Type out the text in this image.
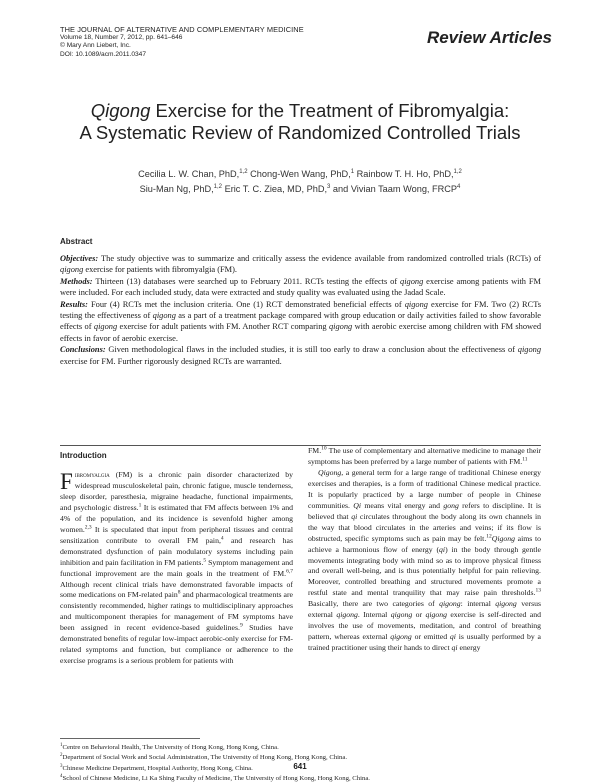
THE JOURNAL OF ALTERNATIVE AND COMPLEMENTARY MEDICINE
Volume 18, Number 7, 2012, pp. 641–646
© Mary Ann Liebert, Inc.
DOI: 10.1089/acm.2011.0347
Review Articles
Qigong Exercise for the Treatment of Fibromyalgia:
A Systematic Review of Randomized Controlled Trials
Cecilia L. W. Chan, PhD,$^{1,2}$ Chong-Wen Wang, PhD,$^1$ Rainbow T. H. Ho, PhD,$^{1,2}$
Siu-Man Ng, PhD,$^{1,2}$ Eric T. C. Ziea, MD, PhD,$^3$ and Vivian Taam Wong, FRCP$^4$
Abstract

Objectives: The study objective was to summarize and critically assess the evidence available from randomized controlled trials (RCTs) of qigong exercise for patients with fibromyalgia (FM).

Methods: Thirteen (13) databases were searched up to February 2011. RCTs testing the effects of qigong exercise among patients with FM were included. For each included study, data were extracted and study quality was evaluated using the Jadad Scale.

Results: Four (4) RCTs met the inclusion criteria. One (1) RCT demonstrated beneficial effects of qigong exercise for FM. Two (2) RCTs testing the effectiveness of qigong as a part of a treatment package compared with group education or daily activities failed to show favorable effects of qigong exercise for adult patients with FM. Another RCT comparing qigong with aerobic exercise among children with FM showed effects in favor of aerobic exercise.

Conclusions: Given methodological flaws in the included studies, it is still too early to draw a conclusion about the effectiveness of qigong exercise for FM. Further rigorously designed RCTs are warranted.

Introduction

Fibromyalgia (FM) is a chronic pain disorder characterized by widespread musculoskeletal pain, chronic fatigue, muscle tenderness, sleep disorder, paresthesia, migraine headache, functional impairments, and psychologic distress.$^1$ It is estimated that FM affects between 1% and 4% of the population, and its incidence is sevenfold higher among women.$^{2,3}$ It is speculated that input from peripheral tissues and central sensitization contribute to overall FM pain,$^4$ and research has demonstrated dysfunction of pain modulatory systems including pain inhibition and pain facilitation in FM patients.$^5$ Symptom management and functional improvement are the main goals in the treatment of FM.$^{6,7}$ Although recent clinical trials have demonstrated favorable impacts of some medications on FM-related pain$^8$ and pharmacological treatments are consistently recommended, higher ratings to multidisciplinary approaches and multicomponent therapies for management of FM symptoms have been assigned in recent evidence-based guidelines.$^9$ Studies have demonstrated benefits of regular low-impact aerobic-only exercise for FM-related symptoms and function, but compliance or adherence to the exercise programs is a serious problem for patients with

FM.$^{10}$ The use of complementary and alternative medicine to manage their symptoms has been preferred by a large number of patients with FM.$^{11}$

Qigong, a general term for a large range of traditional Chinese energy exercises and therapies, is a form of traditional Chinese medical practice. It is popularly practiced by a large number of people in Chinese communities. Qi means vital energy and gong refers to discipline. It is believed that qi circulates throughout the body along its own channels in the way that blood circulates in the arteries and veins; if its flow is obstructed, specific symptoms such as pain may be felt.$^{12}$Qigong aims to achieve a harmonious flow of energy (qi) in the body through gentle movements integrating body with mind so as to improve physical fitness and overall well-being, and is thus potentially helpful for pain relieving. Moreover, controlled breathing and structured movements promote a restful state and mental tranquility that may raise pain thresholds.$^{13}$ Basically, there are two categories of qigong: internal qigong versus external qigong. Internal qigong or qigong exercise is self-directed and involves the use of movements, meditation, and control of breathing pattern, whereas external qigong or emitted qi is usually performed by a trained practitioner using their hands to direct qi energy

$^1$Centre on Behavioral Health, The University of Hong Kong, Hong Kong, China.
$^2$Department of Social Work and Social Administration, The University of Hong Kong, Hong Kong, China.
$^3$Chinese Medicine Department, Hospital Authority, Hong Kong, China.
$^4$School of Chinese Medicine, Li Ka Shing Faculty of Medicine, The University of Hong Kong, Hong Kong, China.
641
